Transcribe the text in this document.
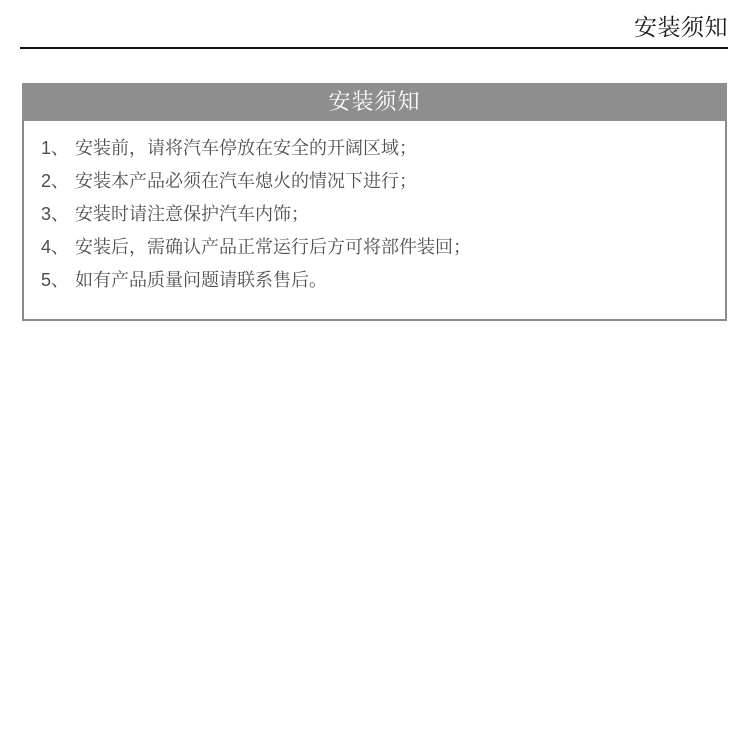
安装须知
安装须知
1、 安装前，请将汽车停放在安全的开阔区域；
2、 安装本产品必须在汽车熄火的情况下进行；
3、 安装时请注意保护汽车内饰；
4、 安装后，需确认产品正常运行后方可将部件装回；
5、 如有产品质量问题请联系售后。
